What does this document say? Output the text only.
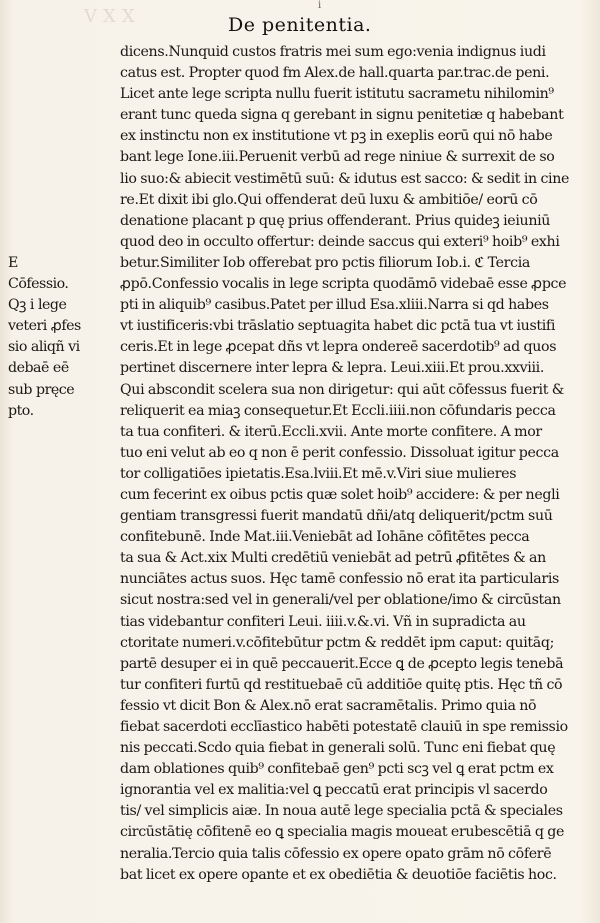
VXX
i
De penitentia.
dicens.Nunquid custos fratris mei sum ego:venia indignus iudi
catus est. Propter quod fm Alex.de hall.quarta par.trac.de peni.
Licet ante lege scripta nullu fuerit istitutu sacrametu nihilomin⁹
erant tunc queda signa q gerebant in signu penitetiæ q habebant
ex instinctu non ex institutione vt pꝫ in exeplis eorū qui nō habe
bant lege Ione.iii.Peruenit verbū ad rege niniue & surrexit de so
lio suo:& abiecit vestimētū suū: & idutus est sacco: & sedit in cine
re.Et dixit ibi glo.Qui offenderat deū luxu & ambitiōe/ eorū cō
denatione placant p quę prius offenderant. Prius quideꝫ ieiuniū
quod deo in occulto offertur: deinde saccus qui exteri⁹ hoib⁹ exhi
E	betur.Similiter Iob offerebat pro pctis filiorum Iob.i. ℭ Tercia
Cōfessio.	ꝓpō.Confessio vocalis in lege scripta quodāmō videbaē esse ꝓpce
Qꝫ i lege	pti in aliquib⁹ casibus.Patet per illud Esa.xliii.Narra si qd habes
veteri ꝓfes	vt iustificeris:vbi trāslatio septuagita habet dic pctā tua vt iustifi
sio aliqñ vi	ceris.Et in lege ꝓcepat dñs vt lepra ondereē sacerdotib⁹ ad quos
debaē eē	pertinet discernere inter lepra & lepra. Leui.xiii.Et prou.xxviii.
sub pręce	Qui abscondit scelera sua non dirigetur: qui aūt cōfessus fuerit &
pto.	reliquerit ea miaꝫ consequetur.Et Eccli.iiii.non cōfundaris pecca
ta tua confiteri. & iterū.Eccli.xvii. Ante morte confitere. A mor
tuo eni velut ab eo q non ē perit confessio. Dissoluat igitur pecca
tor colligatiōes ipietatis.Esa.lviii.Et mē.v.Viri siue mulieres
cum fecerint ex oibus pctis quæ solet hoib⁹ accidere: & per negli
gentiam transgressi fuerit mandatū dñi/atq deliquerit/pctm suū
confitebunē. Inde Mat.iii.Veniebāt ad Iohāne cōfitētes pecca
ta sua & Act.xix Multi credētiū veniebāt ad petrū ꝓfitētes & an
nunciātes actus suos. Hęc tamē confessio nō erat ita particularis
sicut nostra:sed vel in generali/vel per oblatione/imo & circūstan
tias videbantur confiteri Leui. iiii.v.&.vi. Vñ in supradicta au
ctoritate numeri.v.cōfitebūtur pctm & reddēt ipm caput: quitāq;
partē desuper ei in quē peccauerit.Ecce ꝗ de ꝓcepto legis tenebā
tur confiteri furtū qd restituebaē cū additiōe quitę ptis. Hęc tñ cō
fessio vt dicit Bon & Alex.nō erat sacramētalis. Primo quia nō
fiebat sacerdoti ecclīastico habēti potestatē clauiū in spe remissio
nis peccati.Scdo quia fiebat in generali solū. Tunc eni fiebat quę
dam oblationes quib⁹ confitebaē gen⁹ pcti scꝫ vel ꝗ erat pctm ex
ignorantia vel ex malitia:vel ꝗ peccatū erat principis vl sacerdo
tis/ vel simplicis aiæ. In noua autē lege specialia pctā & speciales
circūstātię cōfitenē eo ꝗ specialia magis moueat erubescētiā q ge
neralia.Tercio quia talis cōfessio ex opere opato grām nō cōferē
bat licet ex opere opante et ex obediētia & deuotiōe faciētis hoc.
